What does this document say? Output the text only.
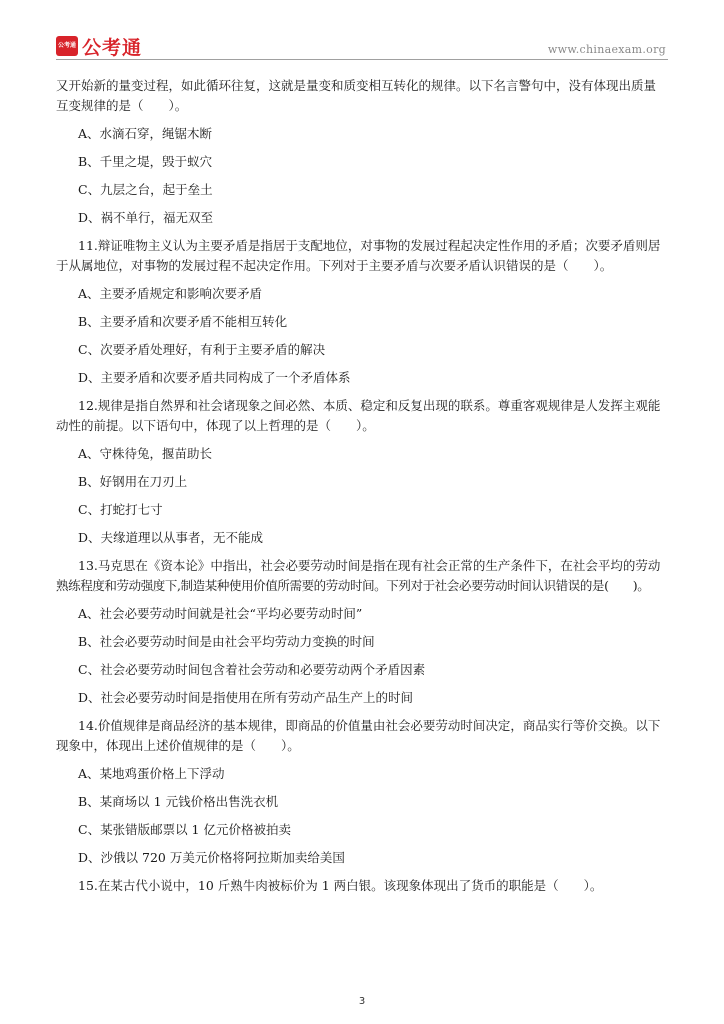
公考通 公考通	www.chinaexam.org
又开始新的量变过程，如此循环往复，这就是量变和质变相互转化的规律。以下名言警句中，没有体现出质量
互变规律的是（　　）。
A、水滴石穿，绳锯木断
B、千里之堤，毁于蚁穴
C、九层之台，起于垒土
D、祸不单行，福无双至
11.辩证唯物主义认为主要矛盾是指居于支配地位，对事物的发展过程起决定性作用的矛盾；次要矛盾则居
于从属地位，对事物的发展过程不起决定作用。下列对于主要矛盾与次要矛盾认识错误的是（　　）。
A、主要矛盾规定和影响次要矛盾
B、主要矛盾和次要矛盾不能相互转化
C、次要矛盾处理好，有利于主要矛盾的解决
D、主要矛盾和次要矛盾共同构成了一个矛盾体系
12.规律是指自然界和社会诸现象之间必然、本质、稳定和反复出现的联系。尊重客观规律是人发挥主观能
动性的前提。以下语句中，体现了以上哲理的是（　　）。
A、守株待兔，揠苗助长
B、好钢用在刀刃上
C、打蛇打七寸
D、夫缘道理以从事者，无不能成
13.马克思在《资本论》中指出，社会必要劳动时间是指在现有社会正常的生产条件下，在社会平均的劳动
熟练程度和劳动强度下,制造某种使用价值所需要的劳动时间。下列对于社会必要劳动时间认识错误的是(　　)。
A、社会必要劳动时间就是社会“平均必要劳动时间”
B、社会必要劳动时间是由社会平均劳动力变换的时间
C、社会必要劳动时间包含着社会劳动和必要劳动两个矛盾因素
D、社会必要劳动时间是指使用在所有劳动产品生产上的时间
14.价值规律是商品经济的基本规律，即商品的价值量由社会必要劳动时间决定，商品实行等价交换。以下
现象中，体现出上述价值规律的是（　　）。
A、某地鸡蛋价格上下浮动
B、某商场以 1 元钱价格出售洗衣机
C、某张错版邮票以 1 亿元价格被拍卖
D、沙俄以 720 万美元价格将阿拉斯加卖给美国
15.在某古代小说中，10 斤熟牛肉被标价为 1 两白银。该现象体现出了货币的职能是（　　）。
3
